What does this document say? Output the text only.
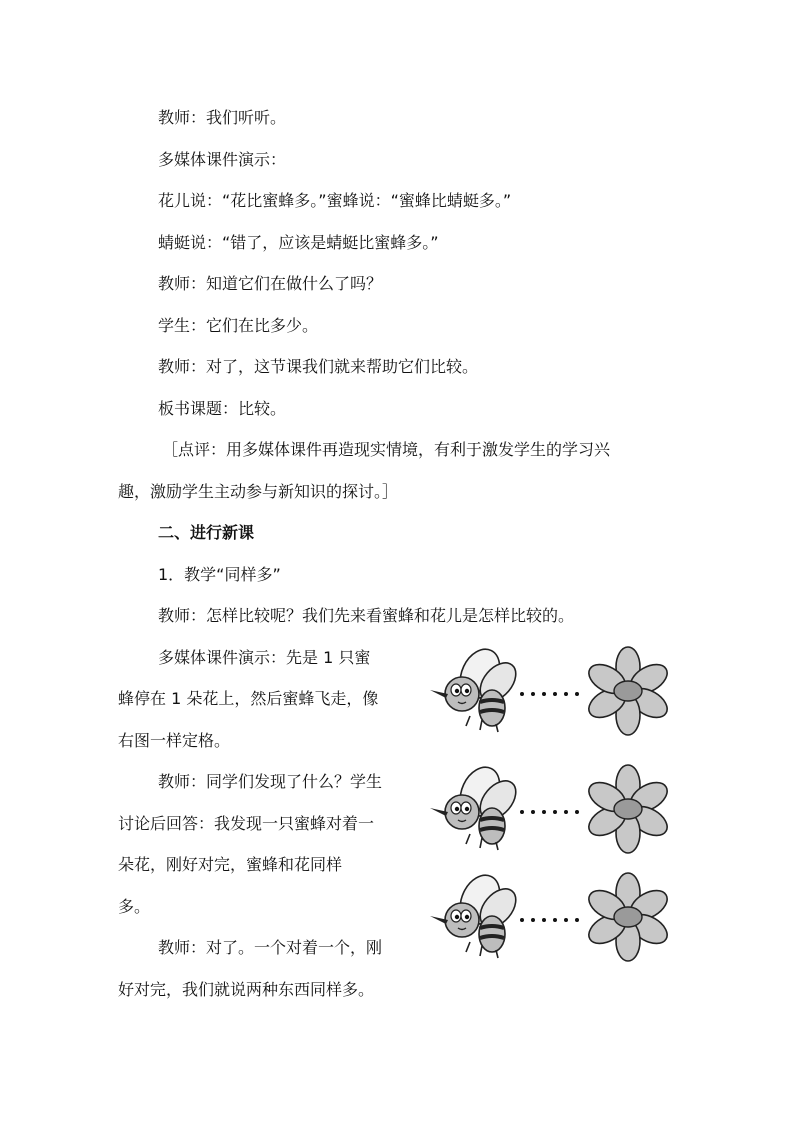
教师：我们听听。
多媒体课件演示：
花儿说：“花比蜜蜂多。”蜜蜂说：“蜜蜂比蜻蜓多。”
蜻蜓说：“错了，应该是蜻蜓比蜜蜂多。”
教师：知道它们在做什么了吗？
学生：它们在比多少。
教师：对了，这节课我们就来帮助它们比较。
板书课题：比较。
［点评：用多媒体课件再造现实情境，有利于激发学生的学习兴
趣，激励学生主动参与新知识的探讨。］
二、进行新课
1．教学“同样多”
教师：怎样比较呢？我们先来看蜜蜂和花儿是怎样比较的。
多媒体课件演示：先是 1 只蜜
蜂停在 1 朵花上，然后蜜蜂飞走，像
右图一样定格。
教师：同学们发现了什么？学生
讨论后回答：我发现一只蜜蜂对着一
朵花，刚好对完，蜜蜂和花同样
多。
教师：对了。一个对着一个，刚
好对完，我们就说两种东西同样多。
